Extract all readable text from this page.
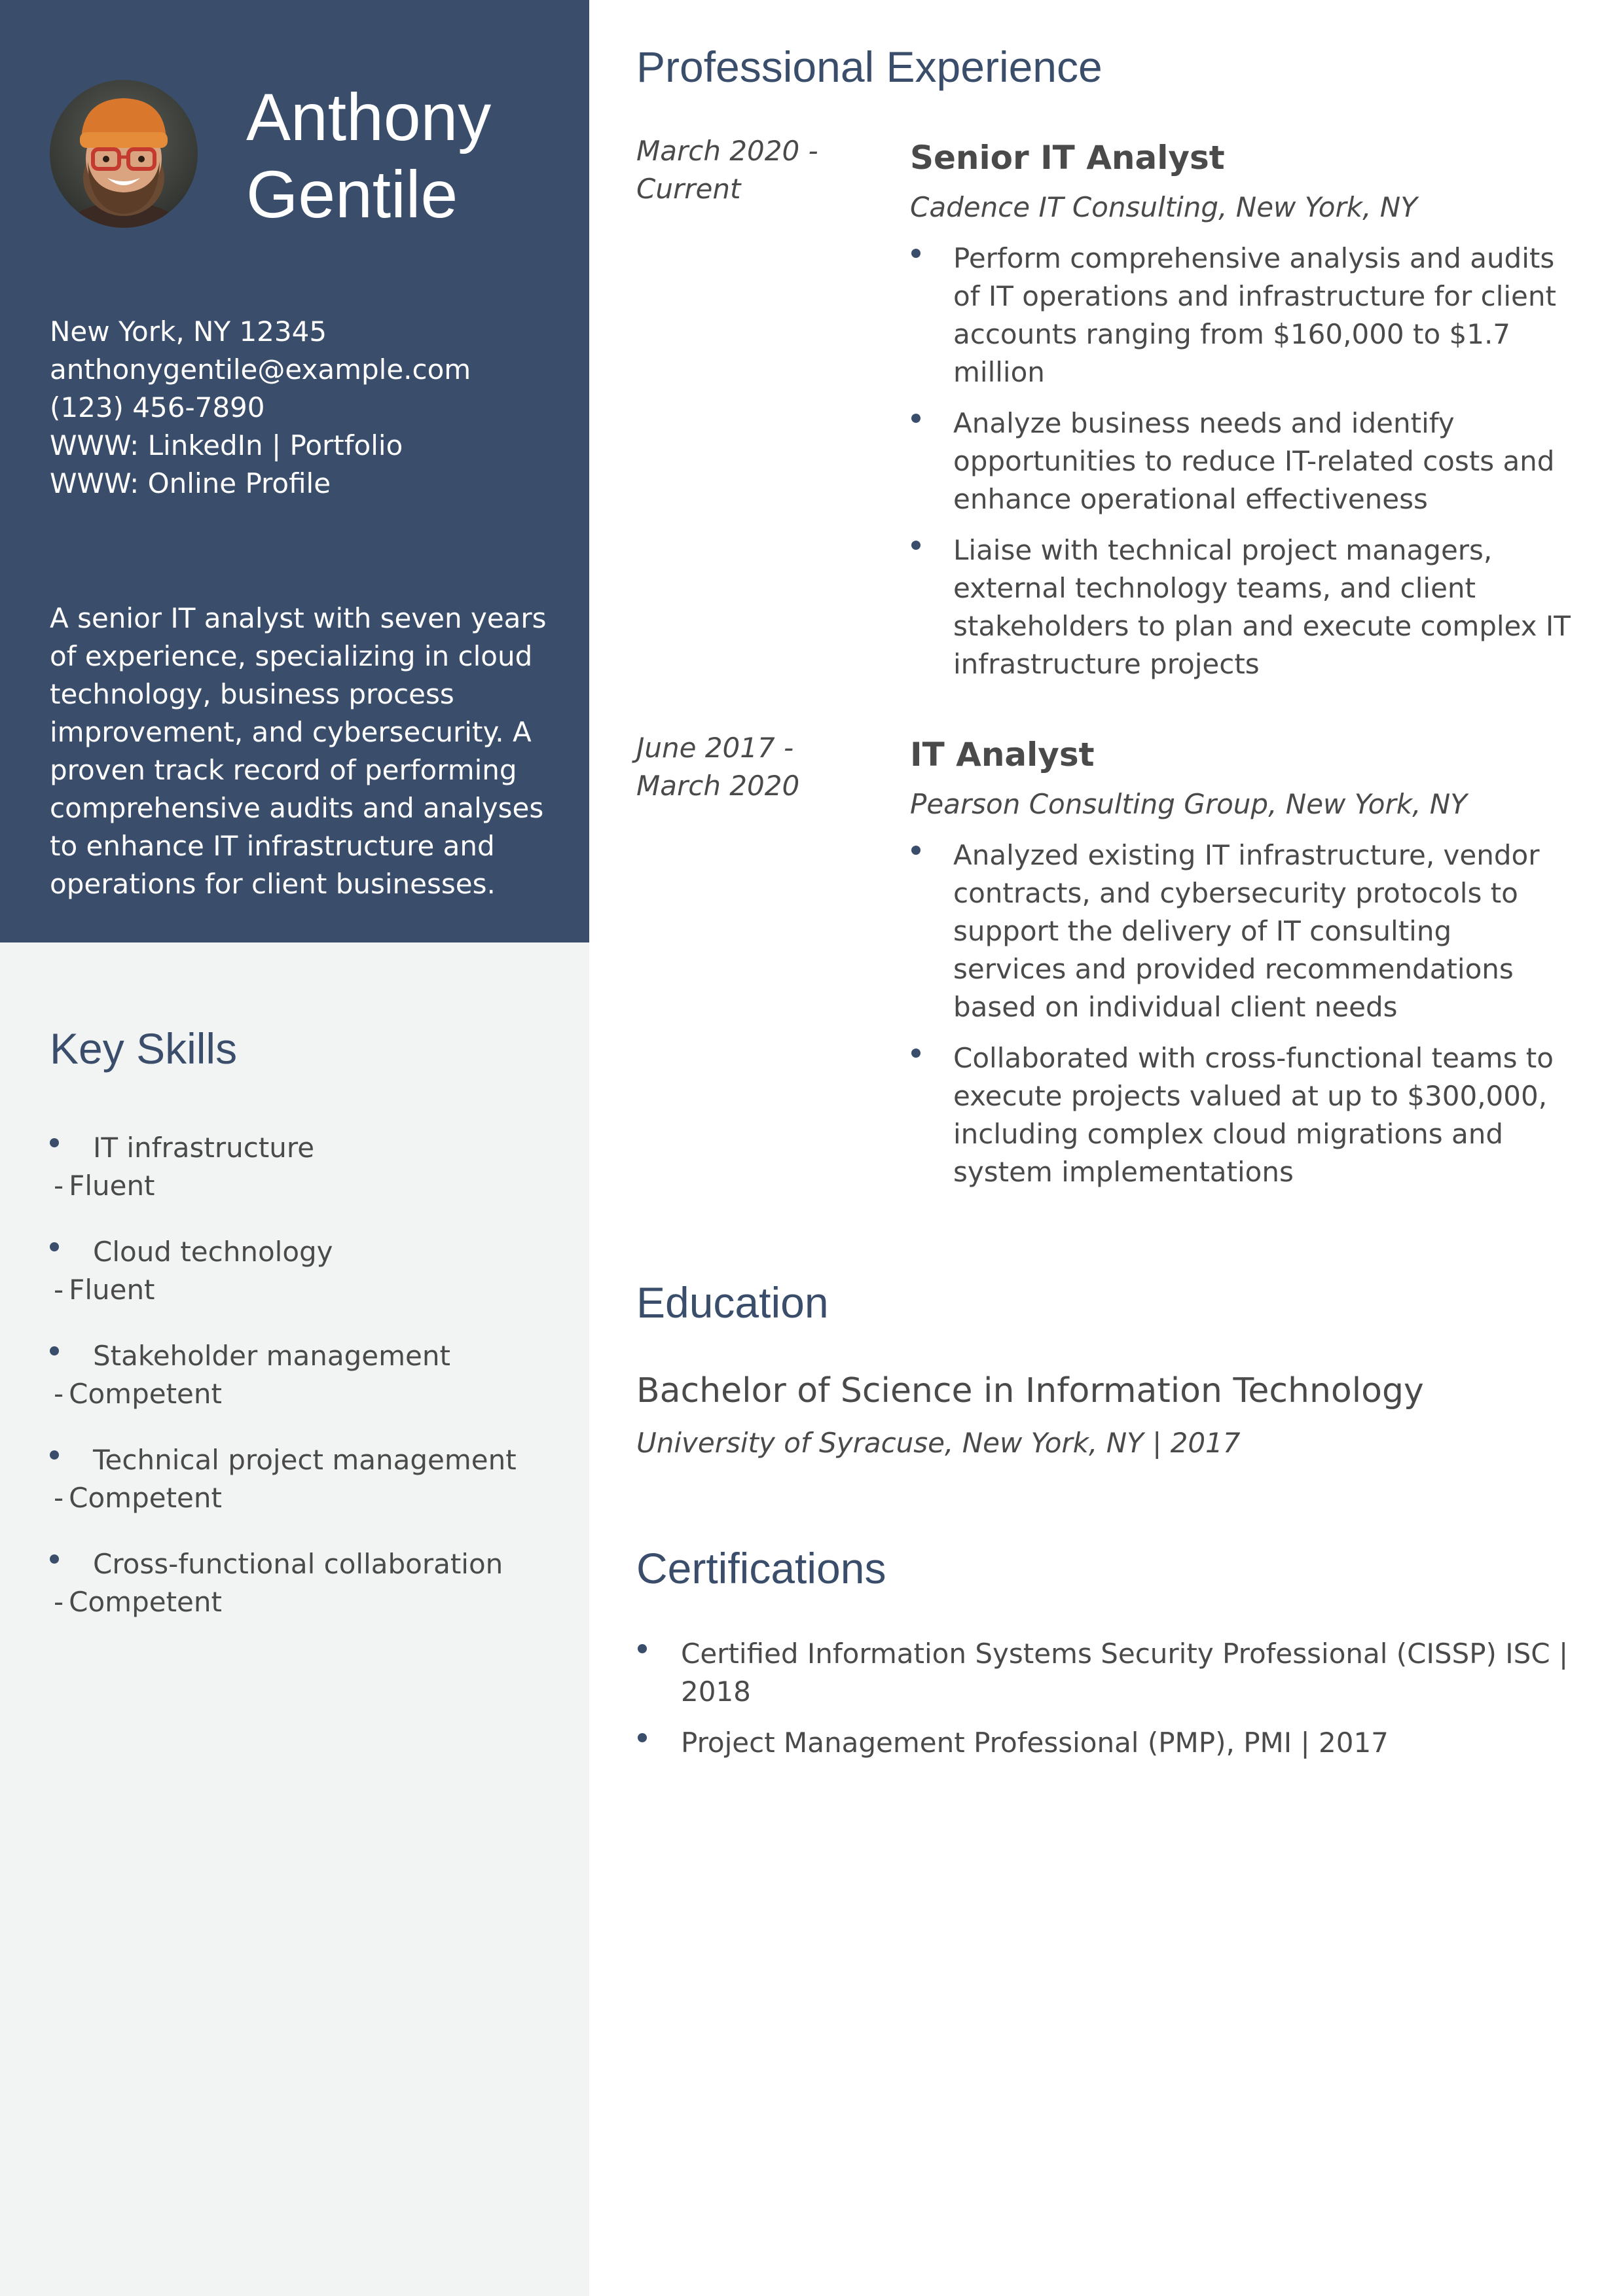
Anthony
Gentile
New York, NY 12345
anthonygentile@example.com
(123) 456-7890
WWW: LinkedIn | Portfolio
WWW: Online Profile

A senior IT analyst with seven years of experience, specializing in cloud technology, business process improvement, and cybersecurity. A proven track record of performing comprehensive audits and analyses to enhance IT infrastructure and operations for client businesses.

Key Skills
IT infrastructure
- Fluent
Cloud technology
- Fluent
Stakeholder management
- Competent
Technical project management
- Competent
Cross-functional collaboration
- Competent
Professional Experience
March 2020 -
Current
Senior IT Analyst
Cadence IT Consulting, New York, NY
Perform comprehensive analysis and audits of IT operations and infrastructure for client accounts ranging from $160,000 to $1.7 million
Analyze business needs and identify opportunities to reduce IT-related costs and enhance operational effectiveness
Liaise with technical project managers, external technology teams, and client stakeholders to plan and execute complex IT infrastructure projects
June 2017 -
March 2020
IT Analyst
Pearson Consulting Group, New York, NY
Analyzed existing IT infrastructure, vendor contracts, and cybersecurity protocols to support the delivery of IT consulting services and provided recommendations based on individual client needs
Collaborated with cross-functional teams to execute projects valued at up to $300,000, including complex cloud migrations and system implementations
Education
Bachelor of Science in Information Technology
University of Syracuse, New York, NY | 2017
Certifications
Certified Information Systems Security Professional (CISSP) ISC | 2018
Project Management Professional (PMP), PMI | 2017
